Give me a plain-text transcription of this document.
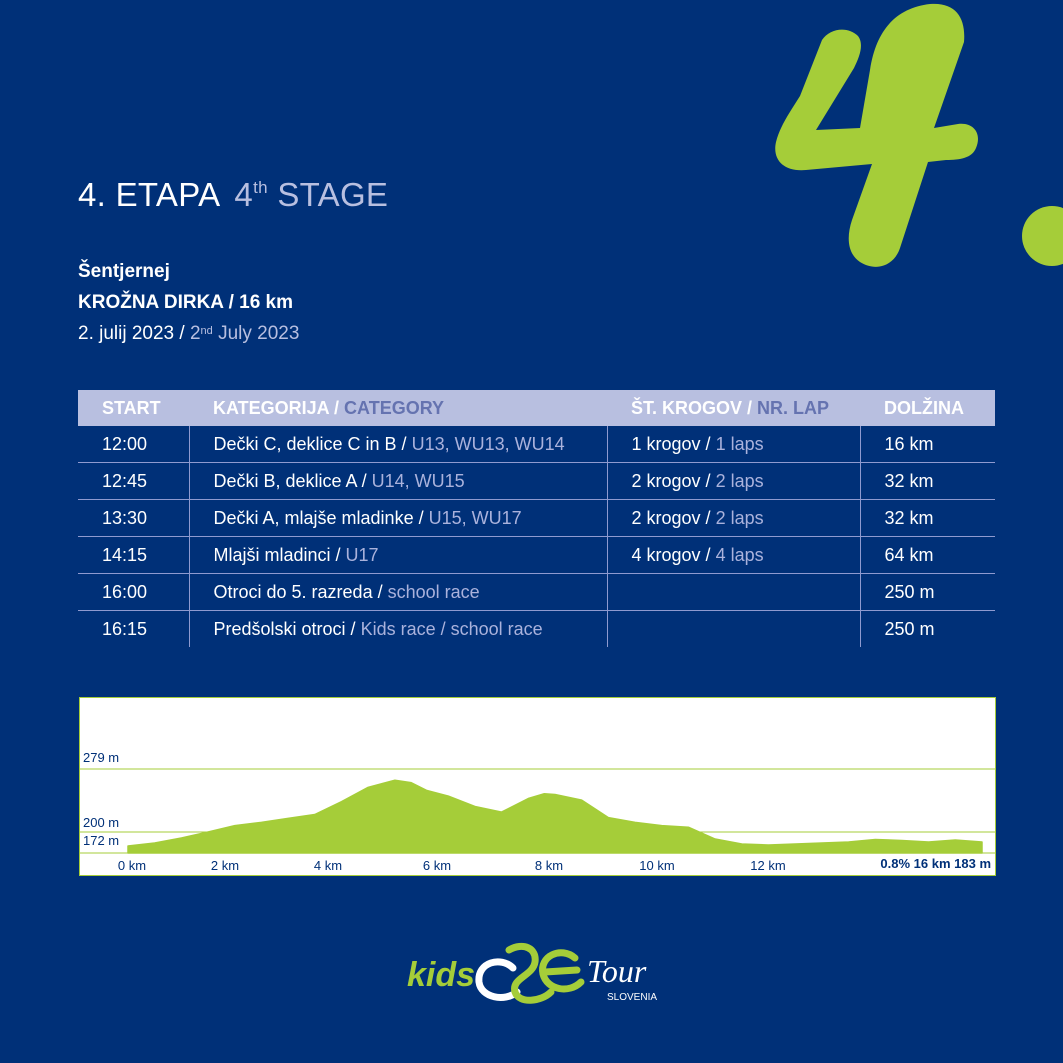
4. ETAPA 4th STAGE
Šentjernej
KROŽNA DIRKA / 16 km
2. julij 2023 / 2nd July 2023
START	KATEGORIJA / CATEGORY	ŠT. KROGOV / NR. LAP	DOLŽINA
12:00	Dečki C, deklice C in B / U13, WU13, WU14	1 krogov / 1 laps	16 km
12:45	Dečki B, deklice A / U14, WU15	2 krogov / 2 laps	32 km
13:30	Dečki A, mlajše mladinke / U15, WU17	2 krogov / 2 laps	32 km
14:15	Mlajši mladinci / U17	4 krogov / 4 laps	64 km
16:00	Otroci do 5. razreda / school race		250 m
16:15	Predšolski otroci / Kids race / school race		250 m
279 m
200 m
172 m
0 km	2 km	4 km	6 km	8 km	10 km	12 km	0.8% 16 km 183 m
kids	Tour
SLOVENIA
